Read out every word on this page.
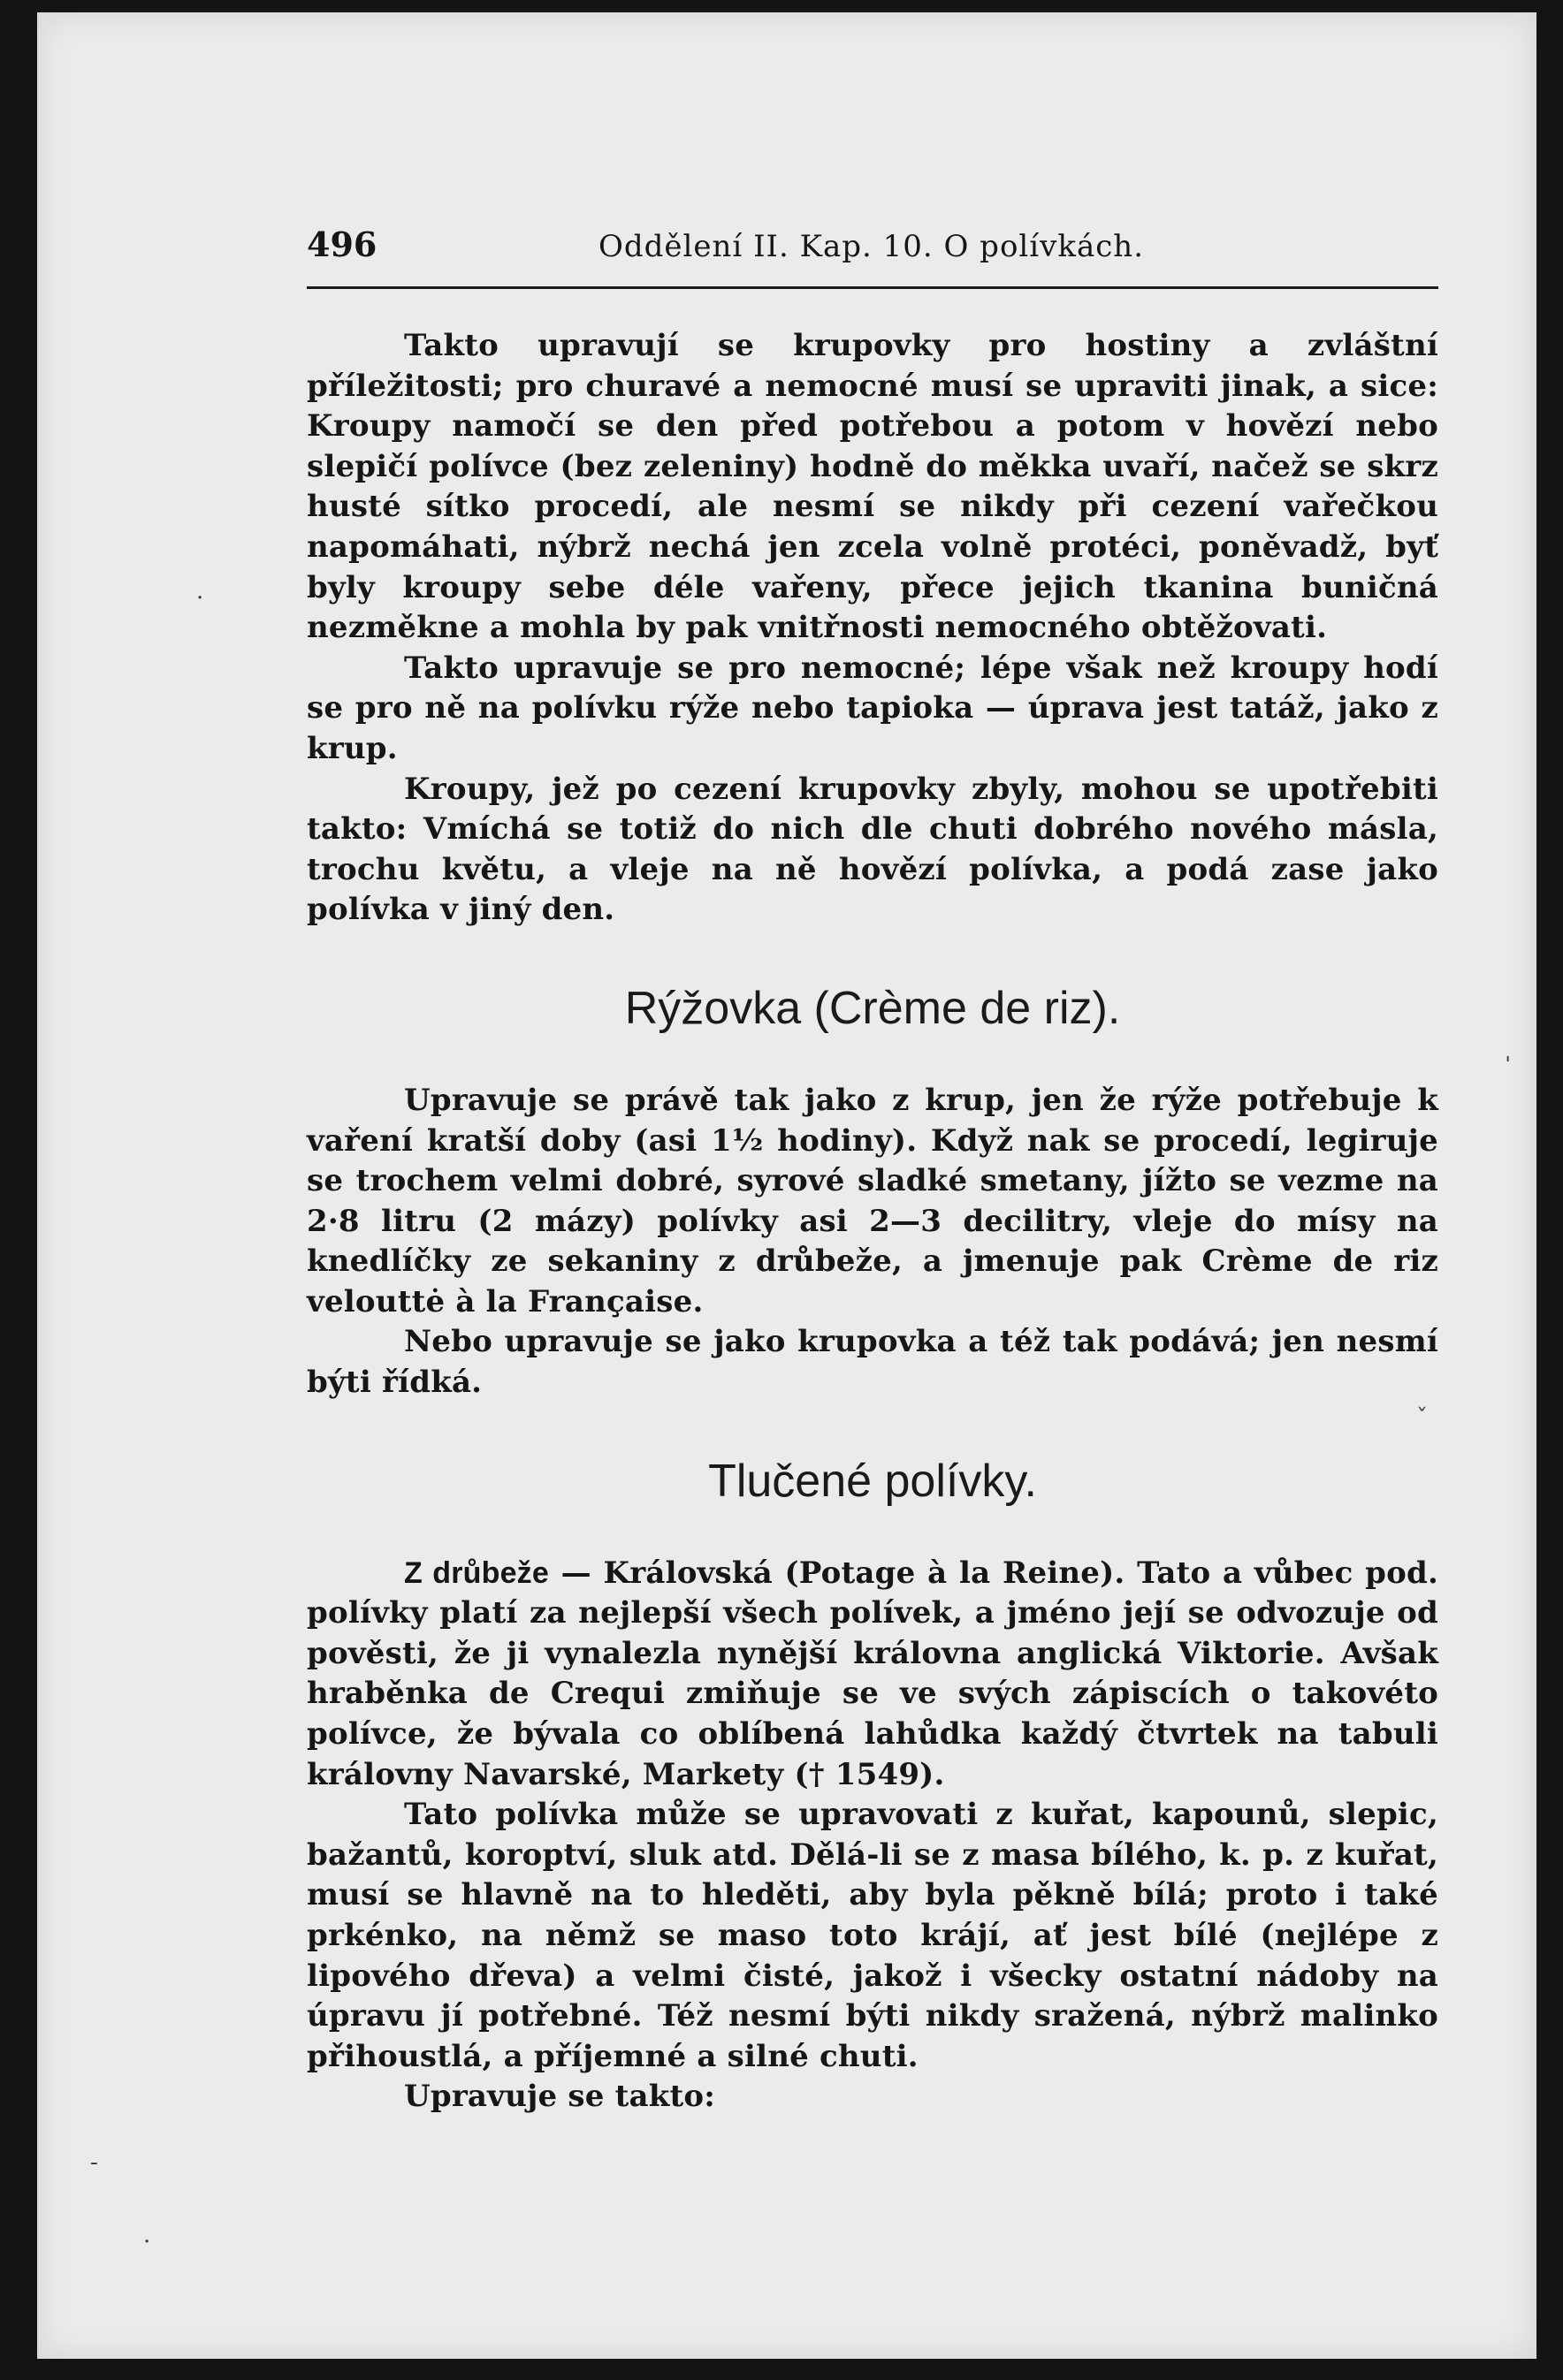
496	Oddělení II. Kap. 10. O polívkách.

Takto upravují se krupovky pro hostiny a zvláštní příležitosti; pro churavé a nemocné musí se upraviti jinak, a sice: Kroupy namočí se den před potřebou a potom v hovězí nebo slepičí polívce (bez zeleniny) hodně do měkka uvaří, načež se skrz husté sítko procedí, ale nesmí se nikdy při cezení vařečkou napomáhati, nýbrž nechá jen zcela volně protéci, poněvadž, byť byly kroupy sebe déle vařeny, přece jejich tkanina buničná nezměkne a mohla by pak vnitřnosti nemocného obtěžovati.

Takto upravuje se pro nemocné; lépe však než kroupy hodí se pro ně na polívku rýže nebo tapioka — úprava jest tatáž, jako z krup.

Kroupy, jež po cezení krupovky zbyly, mohou se upotřebiti takto: Vmíchá se totiž do nich dle chuti dobrého nového másla, trochu květu, a vleje na ně hovězí polívka, a podá zase jako polívka v jiný den.

Rýžovka (Crème de riz).

Upravuje se právě tak jako z krup, jen že rýže potřebuje k vaření kratší doby (asi 1½ hodiny). Když nak se procedí, legiruje se trochem velmi dobré, syrové sladké smetany, jížto se vezme na 2·8 litru (2 mázy) polívky asi 2—3 decilitry, vleje do mísy na knedlíčky ze sekaniny z drůbeže, a jmenuje pak Crème de riz velouttė à la Française.

Nebo upravuje se jako krupovka a též tak podává; jen nesmí býti řídká.

Tlučené polívky.

Z drůbeže — Královská (Potage à la Reine). Tato a vůbec pod. polívky platí za nejlepší všech polívek, a jméno její se odvozuje od pověsti, že ji vynalezla nynější královna anglická Viktorie. Avšak hraběnka de Crequi zmiňuje se ve svých zápiscích o takovéto polívce, že bývala co oblíbená lahůdka každý čtvrtek na tabuli královny Navarské, Markety († 1549).

Tato polívka může se upravovati z kuřat, kapounů, slepic, bažantů, koroptví, sluk atd. Dělá-li se z masa bílého, k. p. z kuřat, musí se hlavně na to hleděti, aby byla pěkně bílá; proto i také prkénko, na němž se maso toto krájí, ať jest bílé (nejlépe z lipového dřeva) a velmi čisté, jakož i všecky ostatní nádoby na úpravu jí potřebné. Též nesmí býti nikdy sražená, nýbrž malinko přihoustlá, a příjemné a silné chuti.

Upravuje se takto:

·
ˈ
˯
-
·
